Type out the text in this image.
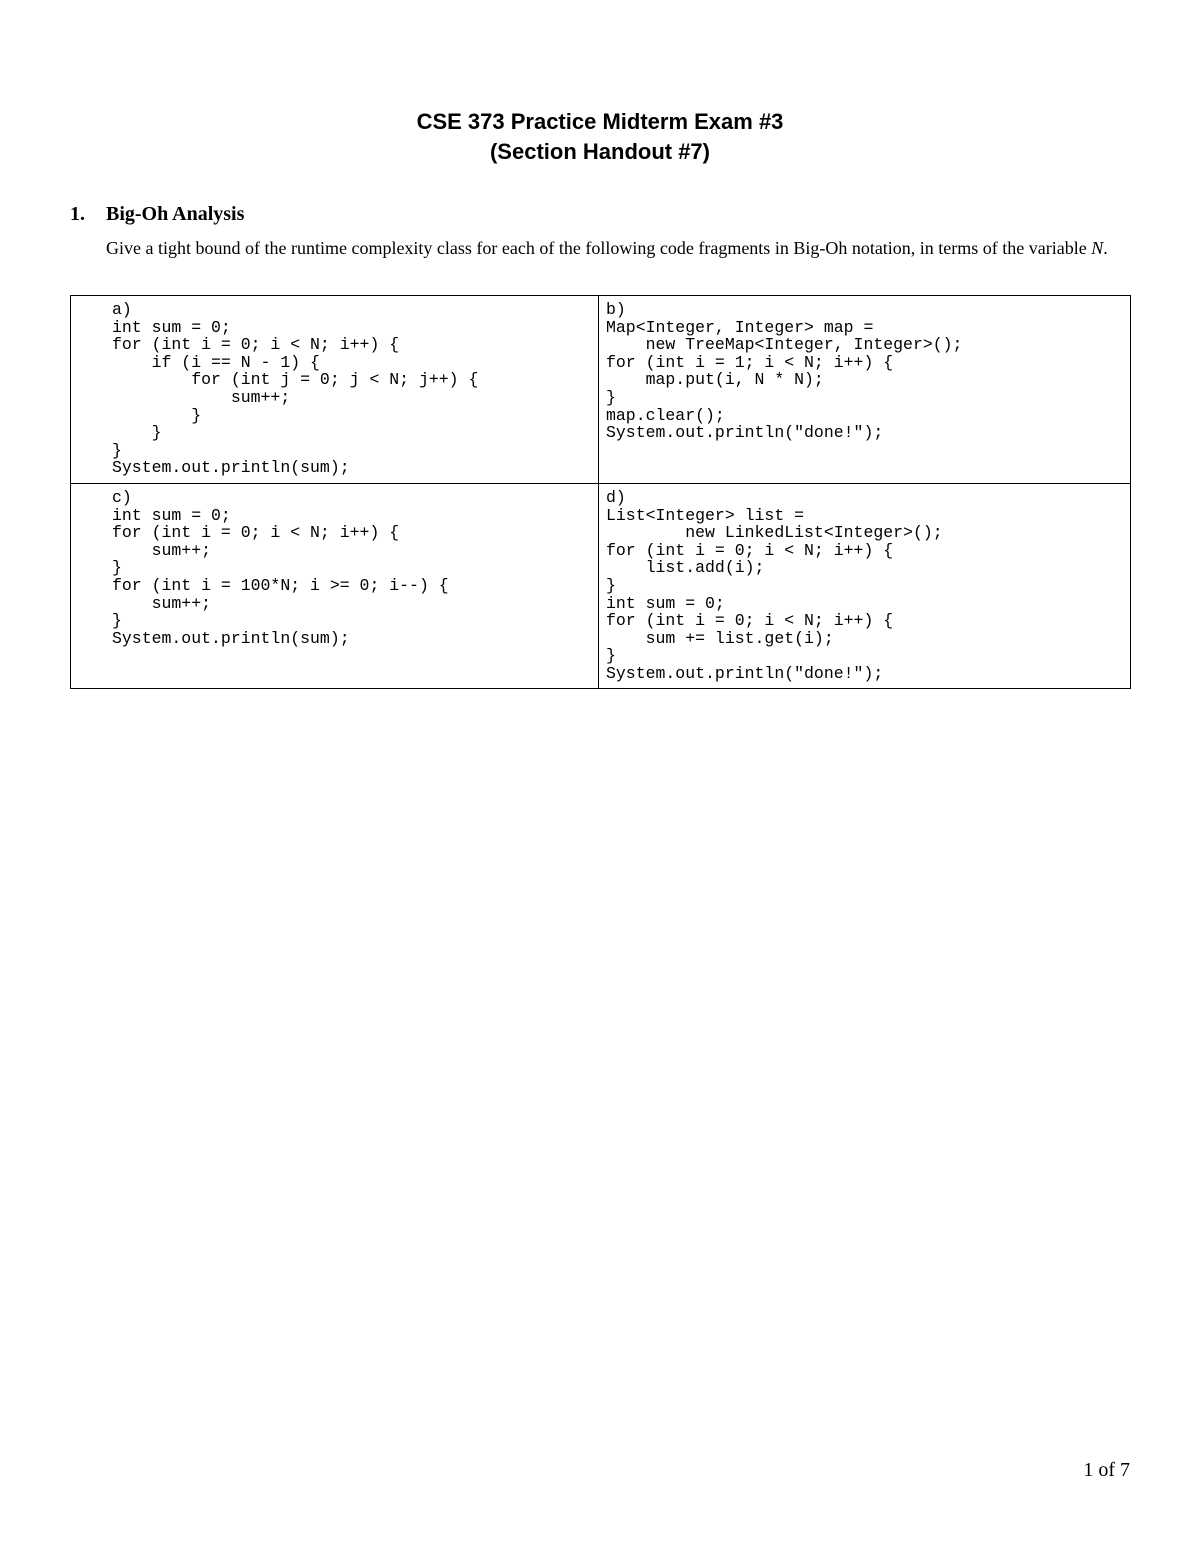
CSE 373 Practice Midterm Exam #3
(Section Handout #7)
1. Big-Oh Analysis
Give a tight bound of the runtime complexity class for each of the following code fragments in Big-Oh notation, in terms of the variable N.
a)
int sum = 0;
for (int i = 0; i < N; i++) {
if (i == N - 1) {
for (int j = 0; j < N; j++) {
sum++;
}
}
}
System.out.println(sum);
b)
Map<Integer, Integer> map =
new TreeMap<Integer, Integer>();
for (int i = 1; i < N; i++) {
map.put(i, N * N);
}
map.clear();
System.out.println("done!");
c)
int sum = 0;
for (int i = 0; i < N; i++) {
sum++;
}
for (int i = 100*N; i >= 0; i--) {
sum++;
}
System.out.println(sum);
d)
List<Integer> list =
new LinkedList<Integer>();
for (int i = 0; i < N; i++) {
list.add(i);
}
int sum = 0;
for (int i = 0; i < N; i++) {
sum += list.get(i);
}
System.out.println("done!");
1 of 7
